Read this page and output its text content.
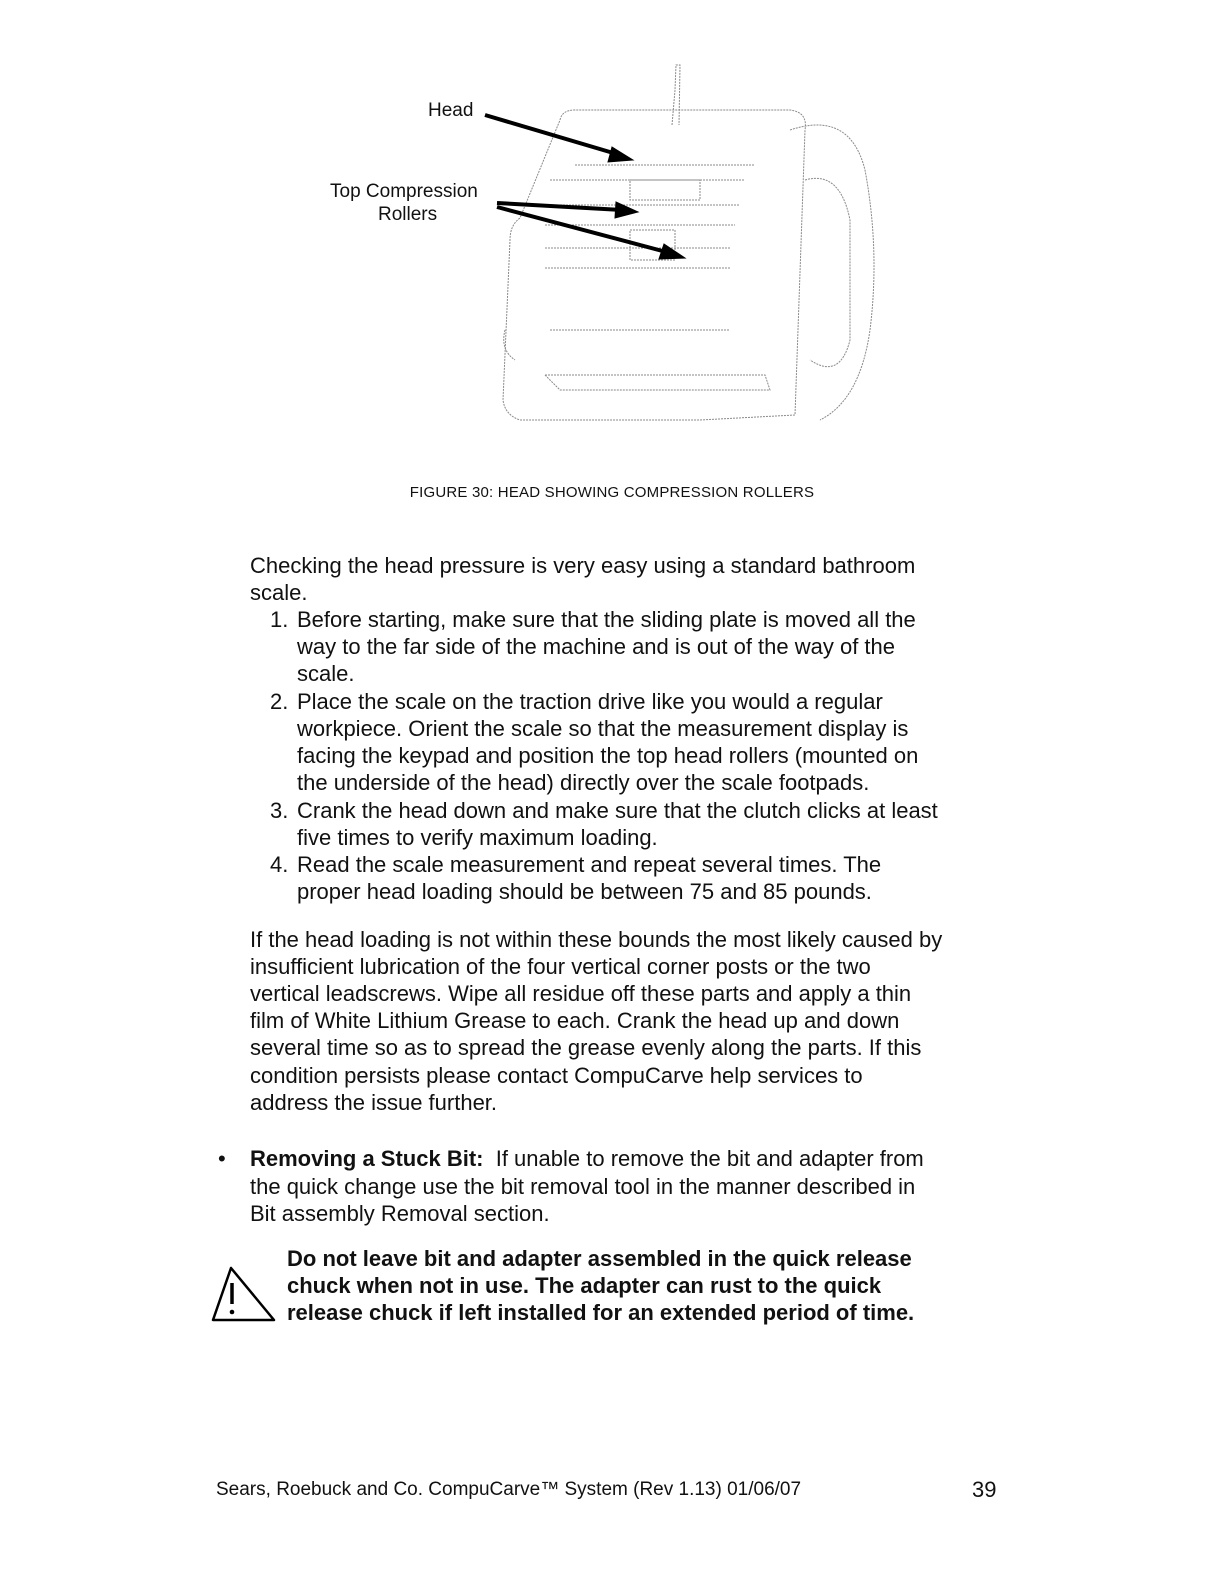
Head
Top Compression
Rollers
FIGURE 30: HEAD SHOWING COMPRESSION ROLLERS
Checking the head pressure is very easy using a standard bathroom
scale.
1. Before starting, make sure that the sliding plate is moved all the
way to the far side of the machine and is out of the way of the
scale.
2. Place the scale on the traction drive like you would a regular
workpiece. Orient the scale so that the measurement display is
facing the keypad and position the top head rollers (mounted on
the underside of the head) directly over the scale footpads.
3. Crank the head down and make sure that the clutch clicks at least
five times to verify maximum loading.
4. Read the scale measurement and repeat several times. The
proper head loading should be between 75 and 85 pounds.
If the head loading is not within these bounds the most likely caused by
insufficient lubrication of the four vertical corner posts or the two
vertical leadscrews. Wipe all residue off these parts and apply a thin
film of White Lithium Grease to each. Crank the head up and down
several time so as to spread the grease evenly along the parts. If this
condition persists please contact CompuCarve help services to
address the issue further.
• Removing a Stuck Bit: If unable to remove the bit and adapter from
the quick change use the bit removal tool in the manner described in
Bit assembly Removal section.
Do not leave bit and adapter assembled in the quick release
chuck when not in use. The adapter can rust to the quick
release chuck if left installed for an extended period of time.
Sears, Roebuck and Co. CompuCarve™ System (Rev 1.13) 01/06/07	39
